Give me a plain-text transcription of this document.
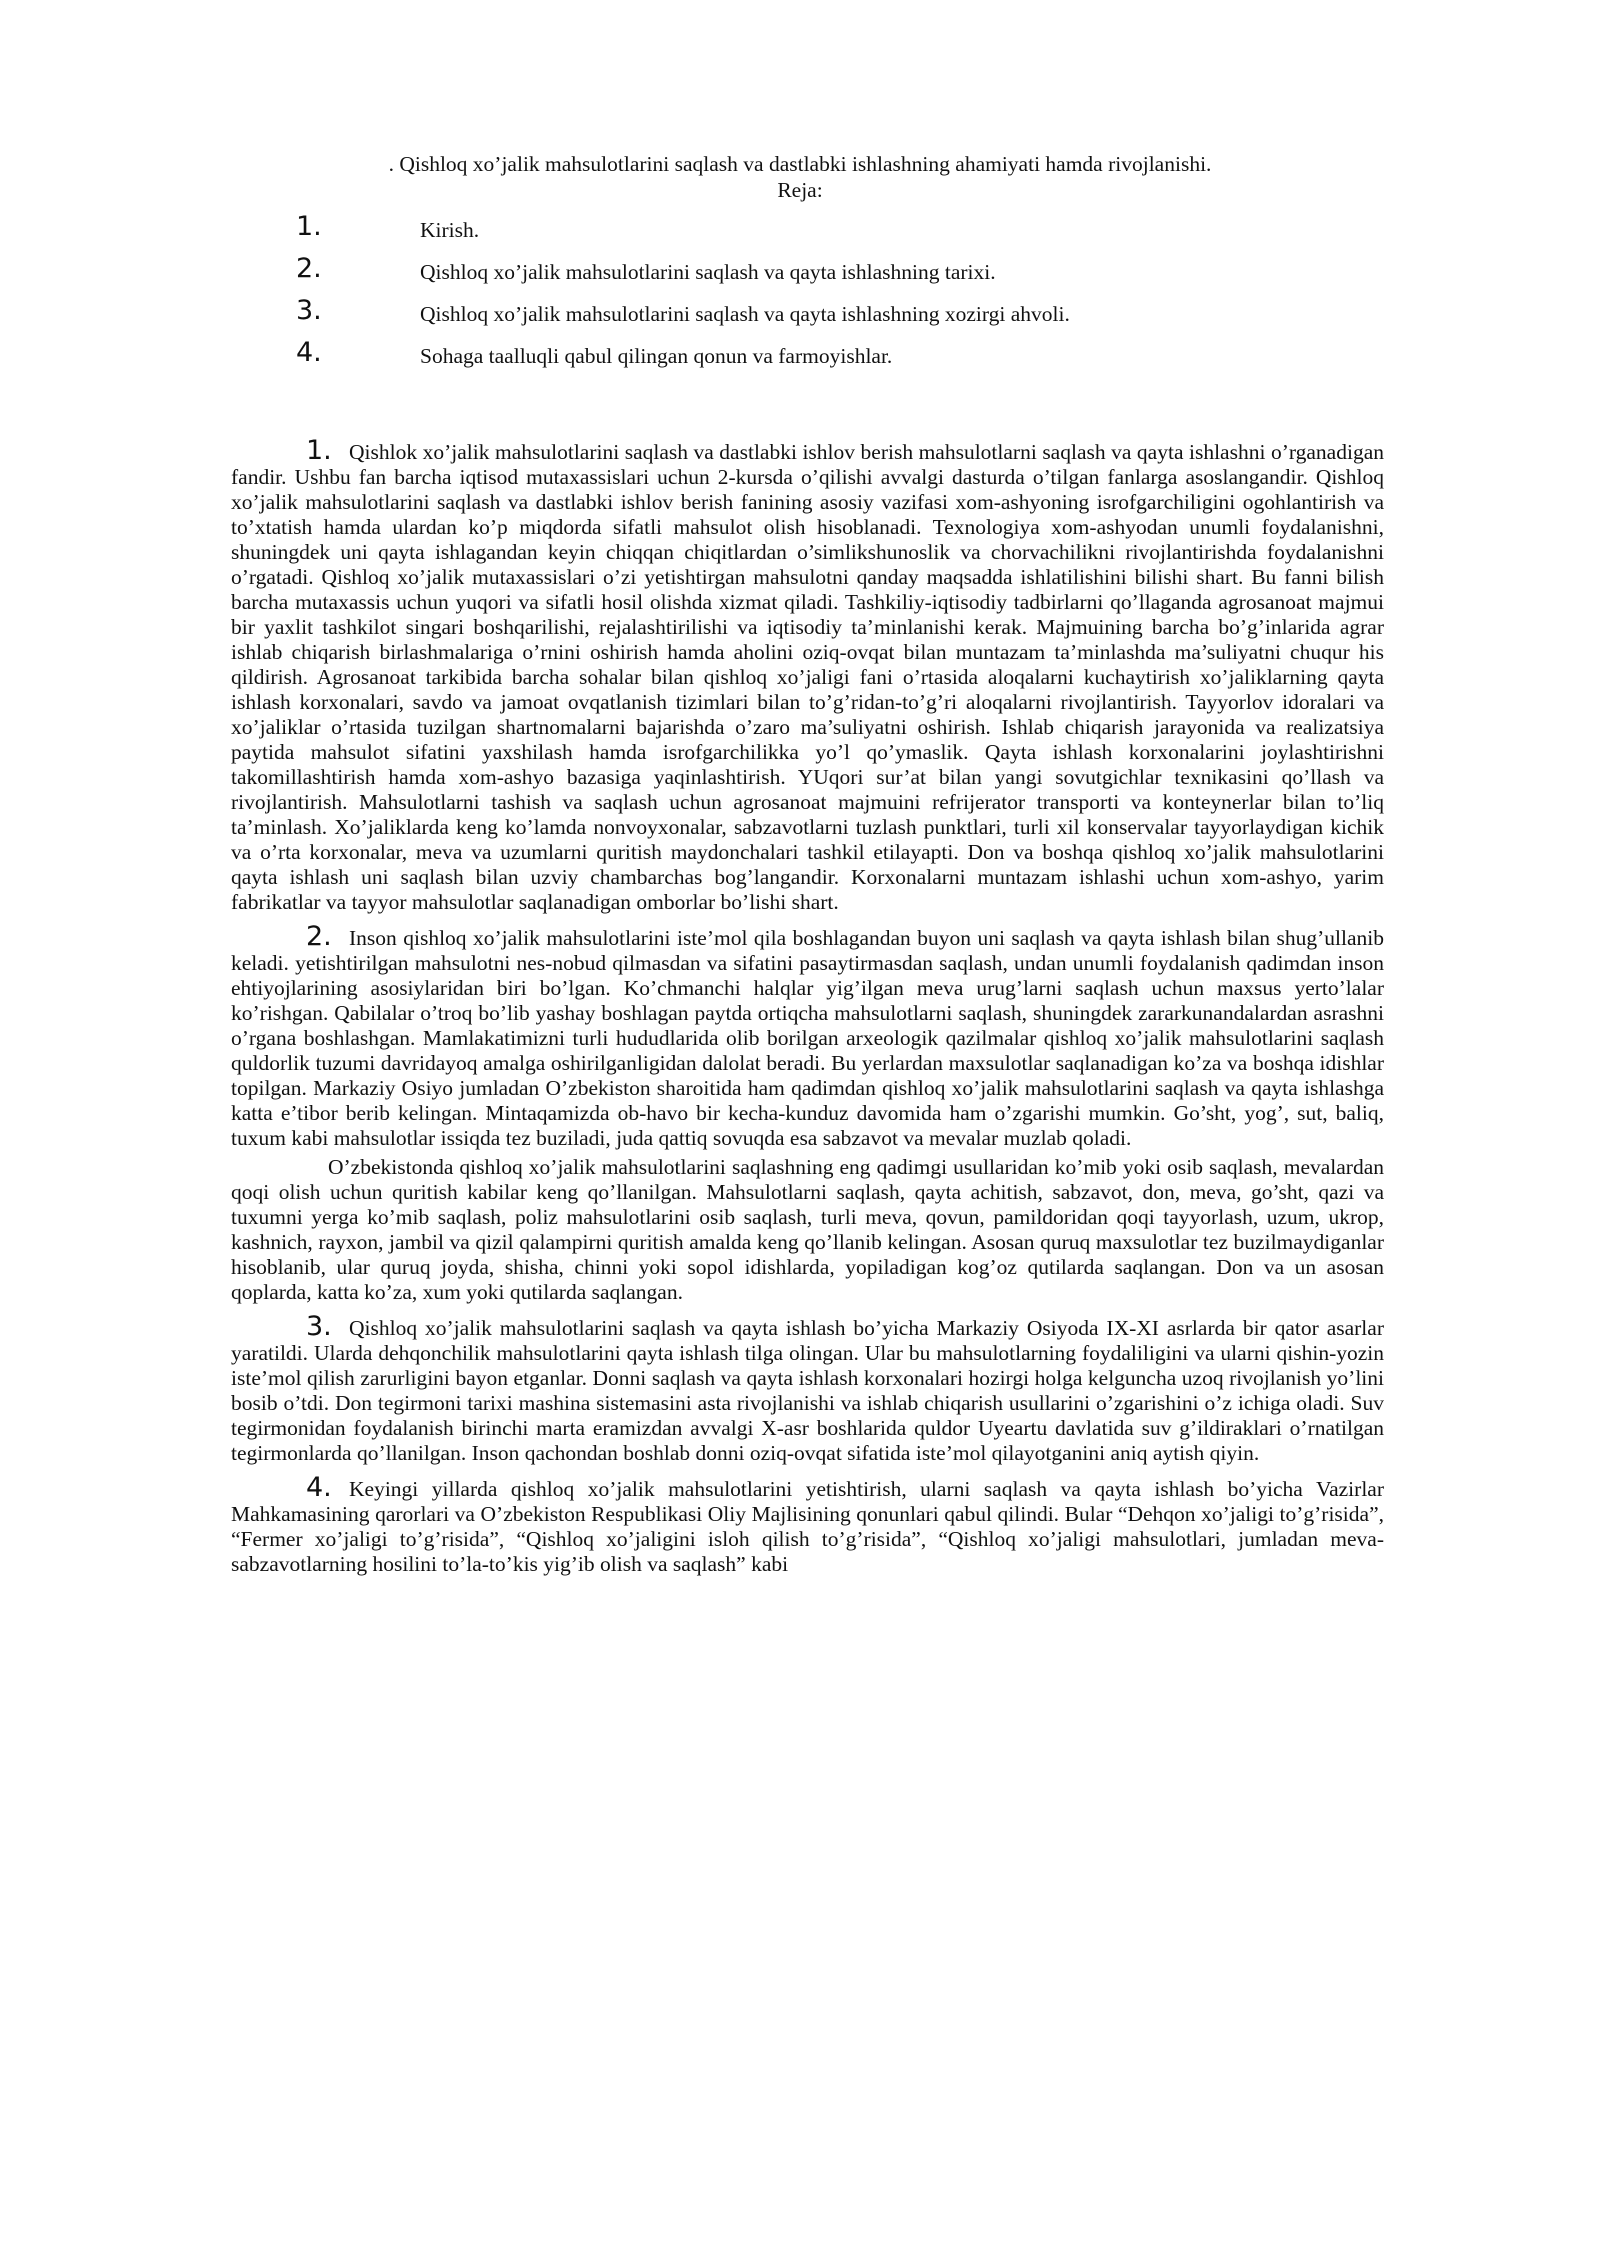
. Qishloq xo’jalik mahsulotlarini saqlash va dastlabki ishlashning ahamiyati hamda rivojlanishi.
Reja:
1.	Kirish.
2.	Qishloq xo’jalik mahsulotlarini saqlash va qayta ishlashning tarixi.
3.	Qishloq xo’jalik mahsulotlarini saqlash va qayta ishlashning xozirgi ahvoli.
4.	Sohaga taalluqli qabul qilingan qonun va farmoyishlar.

1. Qishlok xo’jalik mahsulotlarini saqlash va dastlabki ishlov berish mahsulotlarni saqlash va qayta ishlashni o’rganadigan fandir. Ushbu fan barcha iqtisod mutaxassislari uchun 2-kursda o’qilishi avvalgi dasturda o’tilgan fanlarga asoslangandir. Qishloq xo’jalik mahsulotlarini saqlash va dastlabki ishlov berish fanining asosiy vazifasi xom-ashyoning isrofgarchiligini ogohlantirish va to’xtatish hamda ulardan ko’p miqdorda sifatli mahsulot olish hisoblanadi. Texnologiya xom-ashyodan unumli foydalanishni, shuningdek uni qayta ishlagandan keyin chiqqan chiqitlardan o’simlikshunoslik va chorvachilikni rivojlantirishda foydalanishni o’rgatadi. Qishloq xo’jalik mutaxassislari o’zi yetishtirgan mahsulotni qanday maqsadda ishlatilishini bilishi shart. Bu fanni bilish barcha mutaxassis uchun yuqori va sifatli hosil olishda xizmat qiladi. Tashkiliy-iqtisodiy tadbirlarni qo’llaganda agrosanoat majmui bir yaxlit tashkilot singari boshqarilishi, rejalashtirilishi va iqtisodiy ta’minlanishi kerak. Majmuining barcha bo’g’inlarida agrar ishlab chiqarish birlashmalariga o’rnini oshirish hamda aholini oziq-ovqat bilan muntazam ta’minlashda ma’suliyatni chuqur his qildirish. Agrosanoat tarkibida barcha sohalar bilan qishloq xo’jaligi fani o’rtasida aloqalarni kuchaytirish xo’jaliklarning qayta ishlash korxonalari, savdo va jamoat ovqatlanish tizimlari bilan to’g’ridan-to’g’ri aloqalarni rivojlantirish. Tayyorlov idoralari va xo’jaliklar o’rtasida tuzilgan shartnomalarni bajarishda o’zaro ma’suliyatni oshirish. Ishlab chiqarish jarayonida va realizatsiya paytida mahsulot sifatini yaxshilash hamda isrofgarchilikka yo’l qo’ymaslik. Qayta ishlash korxonalarini joylashtirishni takomillashtirish hamda xom-ashyo bazasiga yaqinlashtirish. YUqori sur’at bilan yangi sovutgichlar texnikasini qo’llash va rivojlantirish. Mahsulotlarni tashish va saqlash uchun agrosanoat majmuini refrijerator transporti va konteynerlar bilan to’liq ta’minlash. Xo’jaliklarda keng ko’lamda nonvoyxonalar, sabzavotlarni tuzlash punktlari, turli xil konservalar tayyorlaydigan kichik va o’rta korxonalar, meva va uzumlarni quritish maydonchalari tashkil etilayapti. Don va boshqa qishloq xo’jalik mahsulotlarini qayta ishlash uni saqlash bilan uzviy chambarchas bog’langandir. Korxonalarni muntazam ishlashi uchun xom-ashyo, yarim fabrikatlar va tayyor mahsulotlar saqlanadigan omborlar bo’lishi shart.

2. Inson qishloq xo’jalik mahsulotlarini iste’mol qila boshlagandan buyon uni saqlash va qayta ishlash bilan shug’ullanib keladi. yetishtirilgan mahsulotni nes-nobud qilmasdan va sifatini pasaytirmasdan saqlash, undan unumli foydalanish qadimdan inson ehtiyojlarining asosiylaridan biri bo’lgan. Ko’chmanchi halqlar yig’ilgan meva urug’larni saqlash uchun maxsus yerto’lalar ko’rishgan. Qabilalar o’troq bo’lib yashay boshlagan paytda ortiqcha mahsulotlarni saqlash, shuningdek zararkunandalardan asrashni o’rgana boshlashgan. Mamlakatimizni turli hududlarida olib borilgan arxeologik qazilmalar qishloq xo’jalik mahsulotlarini saqlash quldorlik tuzumi davridayoq amalga oshirilganligidan dalolat beradi. Bu yerlardan maxsulotlar saqlanadigan ko’za va boshqa idishlar topilgan. Markaziy Osiyo jumladan O’zbekiston sharoitida ham qadimdan qishloq xo’jalik mahsulotlarini saqlash va qayta ishlashga katta e’tibor berib kelingan. Mintaqamizda ob-havo bir kecha-kunduz davomida ham o’zgarishi mumkin. Go’sht, yog’, sut, baliq, tuxum kabi mahsulotlar issiqda tez buziladi, juda qattiq sovuqda esa sabzavot va mevalar muzlab qoladi.

O’zbekistonda qishloq xo’jalik mahsulotlarini saqlashning eng qadimgi usullaridan ko’mib yoki osib saqlash, mevalardan qoqi olish uchun quritish kabilar keng qo’llanilgan. Mahsulotlarni saqlash, qayta achitish, sabzavot, don, meva, go’sht, qazi va tuxumni yerga ko’mib saqlash, poliz mahsulotlarini osib saqlash, turli meva, qovun, pamildoridan qoqi tayyorlash, uzum, ukrop, kashnich, rayxon, jambil va qizil qalampirni quritish amalda keng qo’llanib kelingan. Asosan quruq maxsulotlar tez buzilmaydiganlar hisoblanib, ular quruq joyda, shisha, chinni yoki sopol idishlarda, yopiladigan kog’oz qutilarda saqlangan. Don va un asosan qoplarda, katta ko’za, xum yoki qutilarda saqlangan.

3. Qishloq xo’jalik mahsulotlarini saqlash va qayta ishlash bo’yicha Markaziy Osiyoda IX-XI asrlarda bir qator asarlar yaratildi. Ularda dehqonchilik mahsulotlarini qayta ishlash tilga olingan. Ular bu mahsulotlarning foydaliligini va ularni qishin-yozin iste’mol qilish zarurligini bayon etganlar. Donni saqlash va qayta ishlash korxonalari hozirgi holga kelguncha uzoq rivojlanish yo’lini bosib o’tdi. Don tegirmoni tarixi mashina sistemasini asta rivojlanishi va ishlab chiqarish usullarini o’zgarishini o’z ichiga oladi. Suv tegirmonidan foydalanish birinchi marta eramizdan avvalgi X-asr boshlarida quldor Uyeartu davlatida suv g’ildiraklari o’rnatilgan tegirmonlarda qo’llanilgan. Inson qachondan boshlab donni oziq-ovqat sifatida iste’mol qilayotganini aniq aytish qiyin.

4. Keyingi yillarda qishloq xo’jalik mahsulotlarini yetishtirish, ularni saqlash va qayta ishlash bo’yicha Vazirlar Mahkamasining qarorlari va O’zbekiston Respublikasi Oliy Majlisining qonunlari qabul qilindi. Bular “Dehqon xo’jaligi to’g’risida”, “Fermer xo’jaligi to’g’risida”, “Qishloq xo’jaligini isloh qilish to’g’risida”, “Qishloq xo’jaligi mahsulotlari, jumladan meva-sabzavotlarning hosilini to’la-to’kis yig’ib olish va saqlash” kabi
